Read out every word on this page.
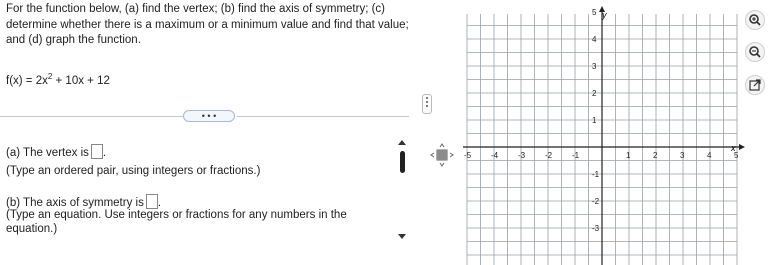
For the function below, (a) find the vertex; (b) find the axis of symmetry; (c) determine whether there is a maximum or a minimum value and find that value; and (d) graph the function.
$f(x) = 2x^2 + 10x + 12$
• • •
(a) The vertex is .
(Type an ordered pair, using integers or fractions.)
(b) The axis of symmetry is .
(Type an equation. Use integers or fractions for any numbers in the equation.)
-5 -4 -3 -2 -1	1	2	3	4	5
5
4
3
2
1
-1
-2
-3
x
y
